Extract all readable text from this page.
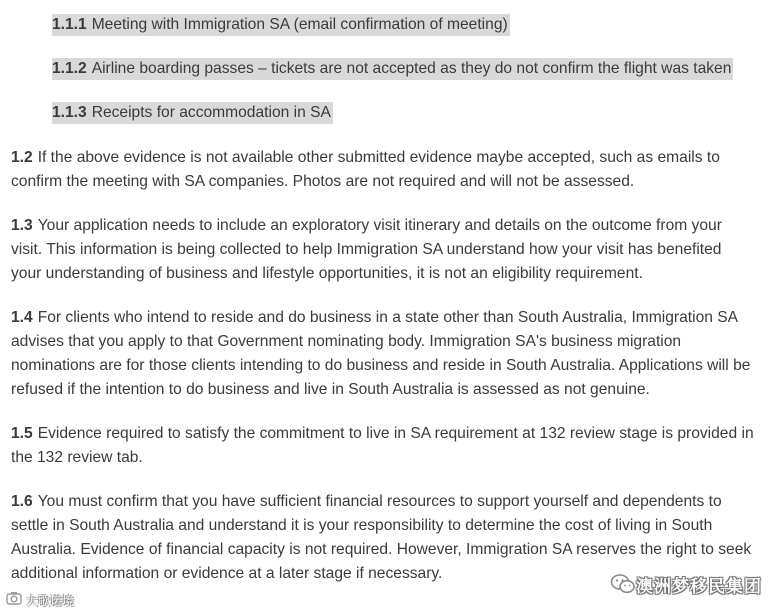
1.1.1 Meeting with Immigration SA (email confirmation of meeting)
1.1.2 Airline boarding passes – tickets are not accepted as they do not confirm the flight was taken
1.1.3 Receipts for accommodation in SA
1.2 If the above evidence is not available other submitted evidence maybe accepted, such as emails to confirm the meeting with SA companies. Photos are not required and will not be assessed.
1.3 Your application needs to include an exploratory visit itinerary and details on the outcome from your visit. This information is being collected to help Immigration SA understand how your visit has benefited your understanding of business and lifestyle opportunities, it is not an eligibility requirement.
1.4 For clients who intend to reside and do business in a state other than South Australia, Immigration SA advises that you apply to that Government nominating body. Immigration SA's business migration nominations are for those clients intending to do business and reside in South Australia. Applications will be refused if the intention to do business and live in South Australia is assessed as not genuine.
1.5 Evidence required to satisfy the commitment to live in SA requirement at 132 review stage is provided in the 132 review tab.
1.6 You must confirm that you have sufficient financial resources to support yourself and dependents to settle in South Australia and understand it is your responsibility to determine the cost of living in South Australia. Evidence of financial capacity is not required. However, Immigration SA reserves the right to seek additional information or evidence at a later stage if necessary.
澳洲梦移民集团
大歌诺境
